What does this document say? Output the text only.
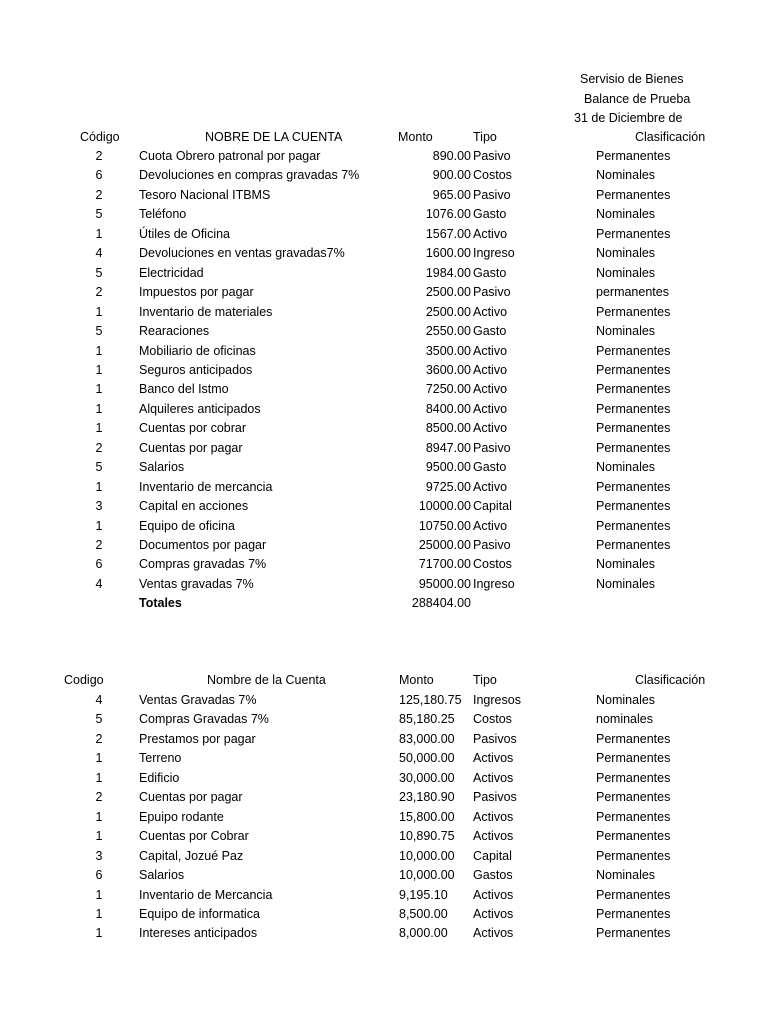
Servisio de Bienes
Balance de Prueba
31 de Diciembre de
Código	NOBRE DE LA CUENTA	Monto	Tipo	Clasificación
2	Cuota Obrero patronal por pagar	890.00 Pasivo	Permanentes
6	Devoluciones en compras gravadas 7%	900.00 Costos	Nominales
2	Tesoro Nacional ITBMS	965.00 Pasivo	Permanentes
5	Teléfono	1076.00 Gasto	Nominales
1	Útiles de Oficina	1567.00 Activo	Permanentes
4	Devoluciones en ventas gravadas7%	1600.00 Ingreso	Nominales
5	Electricidad	1984.00 Gasto	Nominales
2	Impuestos por pagar	2500.00 Pasivo	permanentes
1	Inventario de materiales	2500.00 Activo	Permanentes
5	Rearaciones	2550.00 Gasto	Nominales
1	Mobiliario de oficinas	3500.00 Activo	Permanentes
1	Seguros anticipados	3600.00 Activo	Permanentes
1	Banco del Istmo	7250.00 Activo	Permanentes
1	Alquileres anticipados	8400.00 Activo	Permanentes
1	Cuentas por cobrar	8500.00 Activo	Permanentes
2	Cuentas por pagar	8947.00 Pasivo	Permanentes
5	Salarios	9500.00 Gasto	Nominales
1	Inventario de mercancia	9725.00 Activo	Permanentes
3	Capital en acciones	10000.00 Capital	Permanentes
1	Equipo de oficina	10750.00 Activo	Permanentes
2	Documentos por pagar	25000.00 Pasivo	Permanentes
6	Compras gravadas 7%	71700.00 Costos	Nominales
4	Ventas gravadas 7%	95000.00 Ingreso	Nominales
Totales	288404.00
Codigo	Nombre de la Cuenta	Monto	Tipo	Clasificación
4	Ventas Gravadas 7%	125,180.75 Ingresos	Nominales
5	Compras Gravadas 7%	85,180.25 Costos	nominales
2	Prestamos por pagar	83,000.00 Pasivos	Permanentes
1	Terreno	50,000.00 Activos	Permanentes
1	Edificio	30,000.00 Activos	Permanentes
2	Cuentas por pagar	23,180.90 Pasivos	Permanentes
1	Epuipo rodante	15,800.00 Activos	Permanentes
1	Cuentas por Cobrar	10,890.75 Activos	Permanentes
3	Capital, Jozué Paz	10,000.00 Capital	Permanentes
6	Salarios	10,000.00 Gastos	Nominales
1	Inventario de Mercancia	9,195.10 Activos	Permanentes
1	Equipo de informatica	8,500.00 Activos	Permanentes
1	Intereses anticipados	8,000.00 Activos	Permanentes
